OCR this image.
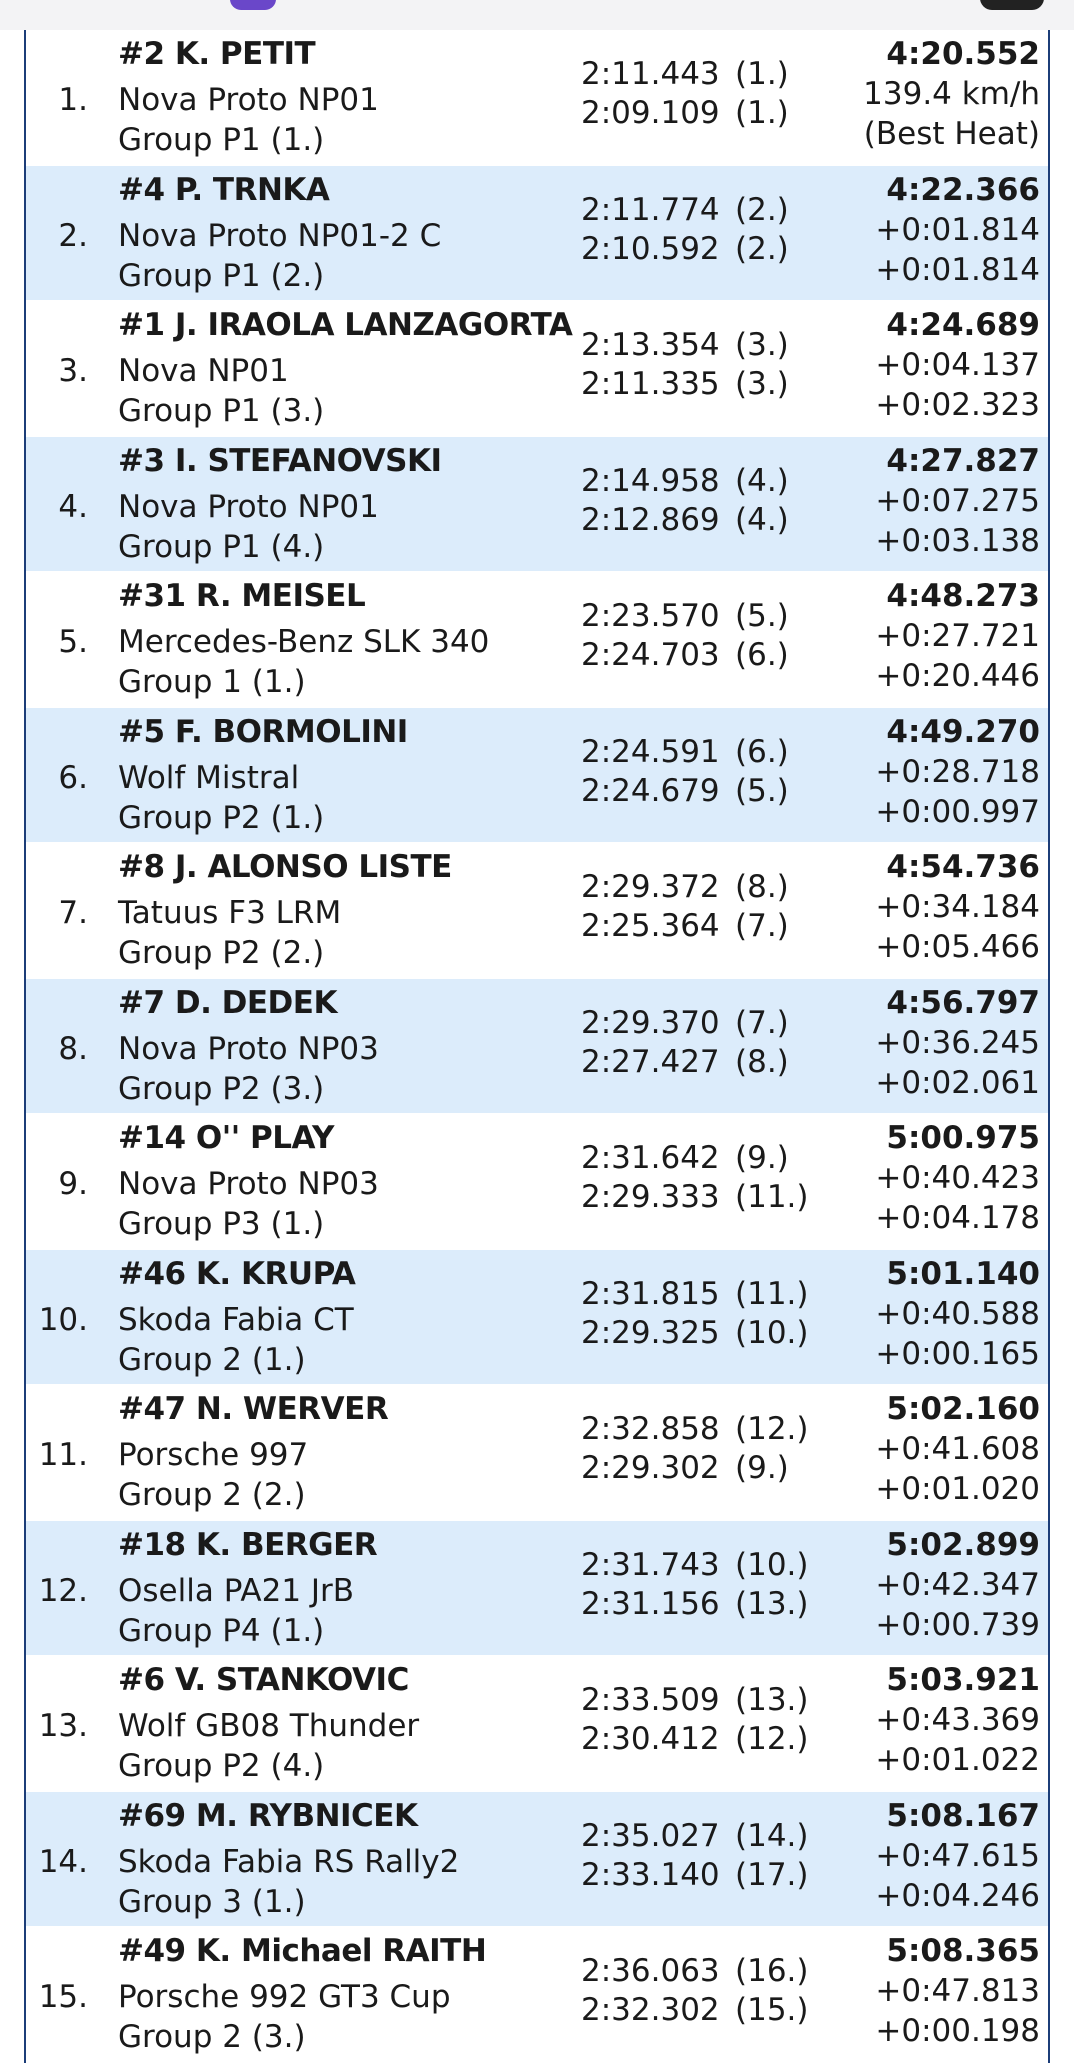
1.
#2 K. PETIT
Nova Proto NP01
Group P1 (1.)
2:11.443 (1.)
2:09.109 (1.)
4:20.552
139.4 km/h
(Best Heat)
2.
#4 P. TRNKA
Nova Proto NP01-2 C
Group P1 (2.)
2:11.774 (2.)
2:10.592 (2.)
4:22.366
+0:01.814
+0:01.814
3.
#1 J. IRAOLA LANZAGORTA
Nova NP01
Group P1 (3.)
2:13.354 (3.)
2:11.335 (3.)
4:24.689
+0:04.137
+0:02.323
4.
#3 I. STEFANOVSKI
Nova Proto NP01
Group P1 (4.)
2:14.958 (4.)
2:12.869 (4.)
4:27.827
+0:07.275
+0:03.138
5.
#31 R. MEISEL
Mercedes-Benz SLK 340
Group 1 (1.)
2:23.570 (5.)
2:24.703 (6.)
4:48.273
+0:27.721
+0:20.446
6.
#5 F. BORMOLINI
Wolf Mistral
Group P2 (1.)
2:24.591 (6.)
2:24.679 (5.)
4:49.270
+0:28.718
+0:00.997
7.
#8 J. ALONSO LISTE
Tatuus F3 LRM
Group P2 (2.)
2:29.372 (8.)
2:25.364 (7.)
4:54.736
+0:34.184
+0:05.466
8.
#7 D. DEDEK
Nova Proto NP03
Group P2 (3.)
2:29.370 (7.)
2:27.427 (8.)
4:56.797
+0:36.245
+0:02.061
9.
#14 O'' PLAY
Nova Proto NP03
Group P3 (1.)
2:31.642 (9.)
2:29.333 (11.)
5:00.975
+0:40.423
+0:04.178
10.
#46 K. KRUPA
Skoda Fabia CT
Group 2 (1.)
2:31.815 (11.)
2:29.325 (10.)
5:01.140
+0:40.588
+0:00.165
11.
#47 N. WERVER
Porsche 997
Group 2 (2.)
2:32.858 (12.)
2:29.302 (9.)
5:02.160
+0:41.608
+0:01.020
12.
#18 K. BERGER
Osella PA21 JrB
Group P4 (1.)
2:31.743 (10.)
2:31.156 (13.)
5:02.899
+0:42.347
+0:00.739
13.
#6 V. STANKOVIC
Wolf GB08 Thunder
Group P2 (4.)
2:33.509 (13.)
2:30.412 (12.)
5:03.921
+0:43.369
+0:01.022
14.
#69 M. RYBNICEK
Skoda Fabia RS Rally2
Group 3 (1.)
2:35.027 (14.)
2:33.140 (17.)
5:08.167
+0:47.615
+0:04.246
15.
#49 K. Michael RAITH
Porsche 992 GT3 Cup
Group 2 (3.)
2:36.063 (16.)
2:32.302 (15.)
5:08.365
+0:47.813
+0:00.198
